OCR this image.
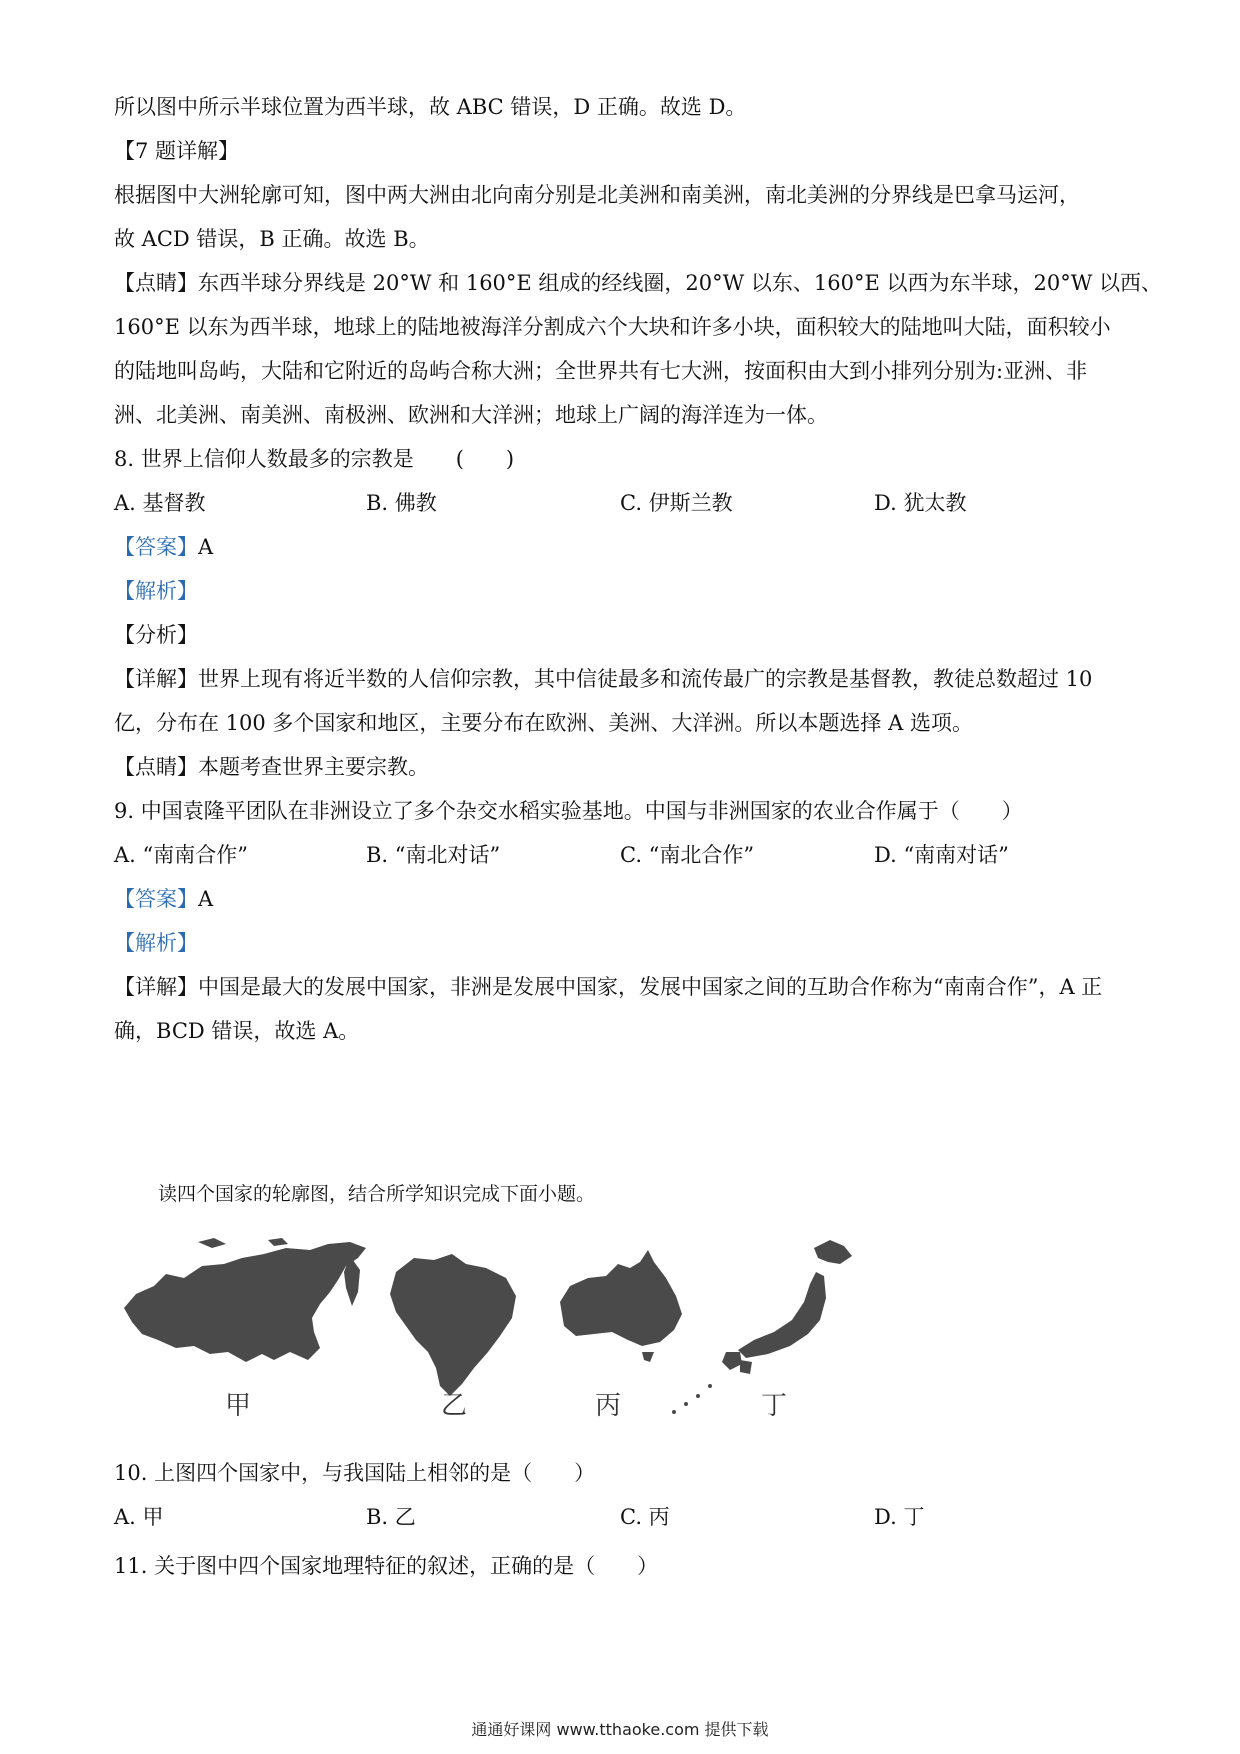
所以图中所示半球位置为西半球，故 ABC 错误，D 正确。故选 D。
【7 题详解】
根据图中大洲轮廓可知，图中两大洲由北向南分别是北美洲和南美洲，南北美洲的分界线是巴拿马运河，
故 ACD 错误，B 正确。故选 B。
【点睛】东西半球分界线是 20°W 和 160°E 组成的经线圈，20°W 以东、160°E 以西为东半球，20°W 以西、
160°E 以东为西半球，地球上的陆地被海洋分割成六个大块和许多小块，面积较大的陆地叫大陆，面积较小
的陆地叫岛屿，大陆和它附近的岛屿合称大洲；全世界共有七大洲，按面积由大到小排列分别为:亚洲、非
洲、北美洲、南美洲、南极洲、欧洲和大洋洲；地球上广阔的海洋连为一体。
8. 世界上信仰人数最多的宗教是　　(　　)
A. 基督教	B. 佛教	C. 伊斯兰教	D. 犹太教
【答案】A
【解析】
【分析】
【详解】世界上现有将近半数的人信仰宗教，其中信徒最多和流传最广的宗教是基督教，教徒总数超过 10
亿，分布在 100 多个国家和地区，主要分布在欧洲、美洲、大洋洲。所以本题选择 A 选项。
【点睛】本题考查世界主要宗教。
9. 中国袁隆平团队在非洲设立了多个杂交水稻实验基地。中国与非洲国家的农业合作属于（　　）
A. “南南合作”	B. “南北对话”	C. “南北合作”	D. “南南对话”
【答案】A
【解析】
【详解】中国是最大的发展中国家，非洲是发展中国家，发展中国家之间的互助合作称为“南南合作”，A 正
确，BCD 错误，故选 A。
读四个国家的轮廓图，结合所学知识完成下面小题。
甲	乙	丙	丁
10. 上图四个国家中，与我国陆上相邻的是（　　）
A. 甲	B. 乙	C. 丙	D. 丁
11. 关于图中四个国家地理特征的叙述，正确的是（　　）
通通好课网 www.tthaoke.com 提供下载
